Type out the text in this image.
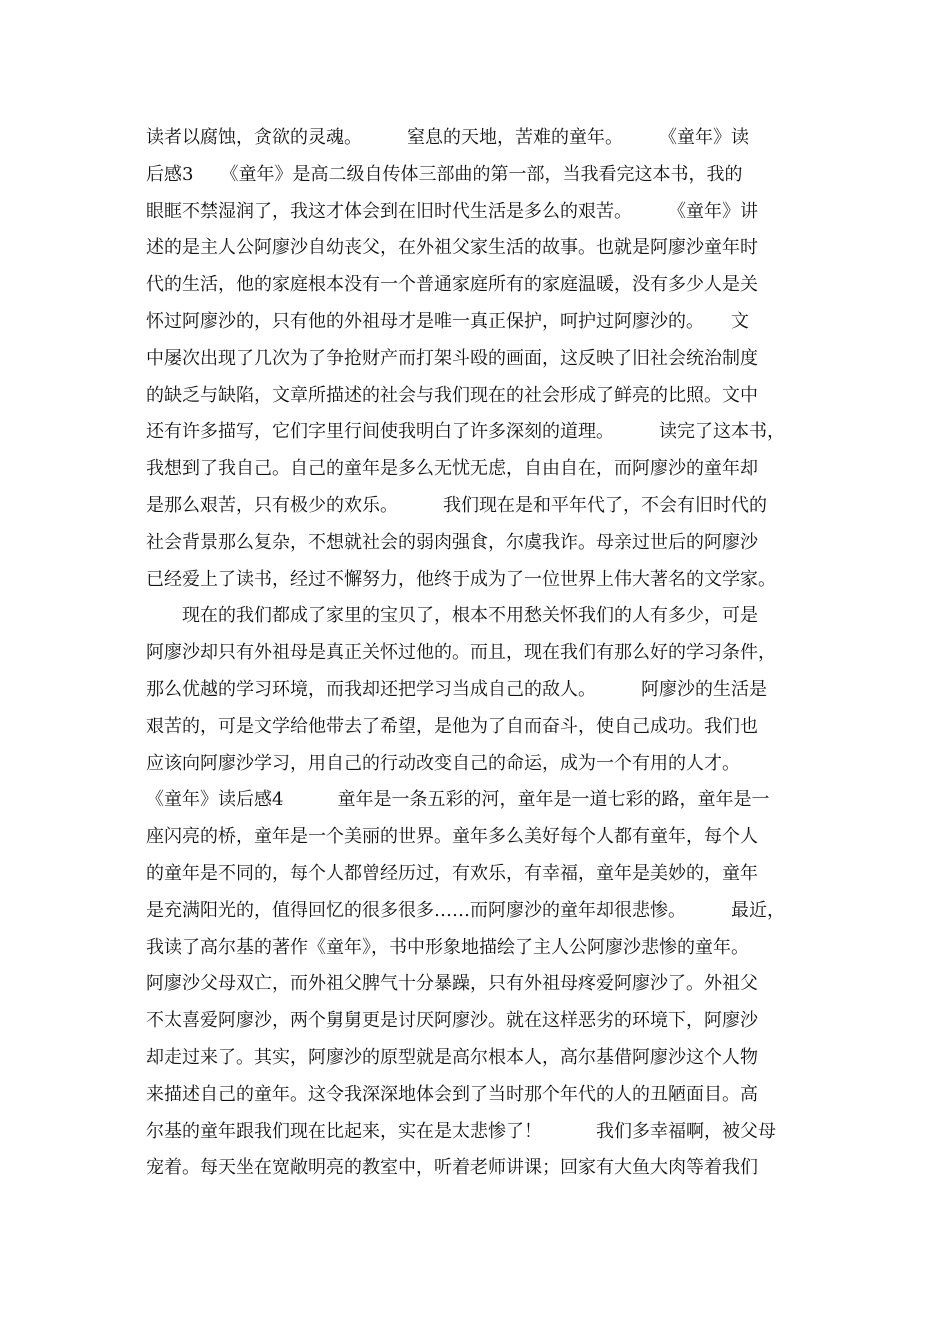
读者以腐蚀，贪欲的灵魂。　　　窒息的天地，苦难的童年。　　　《童年》读
后感3　　《童年》是高二级自传体三部曲的第一部，当我看完这本书，我的
眼眶不禁湿润了，我这才体会到在旧时代生活是多么的艰苦。　　　《童年》讲
述的是主人公阿廖沙自幼丧父，在外祖父家生活的故事。也就是阿廖沙童年时
代的生活，他的家庭根本没有一个普通家庭所有的家庭温暖，没有多少人是关
怀过阿廖沙的，只有他的外祖母才是唯一真正保护，呵护过阿廖沙的。　　文
中屡次出现了几次为了争抢财产而打架斗殴的画面，这反映了旧社会统治制度
的缺乏与缺陷，文章所描述的社会与我们现在的社会形成了鲜亮的比照。文中
还有许多描写，它们字里行间使我明白了许多深刻的道理。　　　读完了这本书，
我想到了我自己。自己的童年是多么无忧无虑，自由自在，而阿廖沙的童年却
是那么艰苦，只有极少的欢乐。　　　我们现在是和平年代了，不会有旧时代的
社会背景那么复杂，不想就社会的弱肉强食，尔虞我诈。母亲过世后的阿廖沙
已经爱上了读书，经过不懈努力，他终于成为了一位世界上伟大著名的文学家。
　　现在的我们都成了家里的宝贝了，根本不用愁关怀我们的人有多少，可是
阿廖沙却只有外祖母是真正关怀过他的。而且，现在我们有那么好的学习条件，
那么优越的学习环境，而我却还把学习当成自己的敌人。　　　阿廖沙的生活是
艰苦的，可是文学给他带去了希望，是他为了自而奋斗，使自己成功。我们也
应该向阿廖沙学习，用自己的行动改变自己的命运，成为一个有用的人才。
《童年》读后感4　　　童年是一条五彩的河，童年是一道七彩的路，童年是一
座闪亮的桥，童年是一个美丽的世界。童年多么美好每个人都有童年，每个人
的童年是不同的，每个人都曾经历过，有欢乐，有幸福，童年是美妙的，童年
是充满阳光的，值得回忆的很多很多……而阿廖沙的童年却很悲惨。　　　最近，
我读了高尔基的著作《童年》，书中形象地描绘了主人公阿廖沙悲惨的童年。
阿廖沙父母双亡，而外祖父脾气十分暴躁，只有外祖母疼爱阿廖沙了。外祖父
不太喜爱阿廖沙，两个舅舅更是讨厌阿廖沙。就在这样恶劣的环境下，阿廖沙
却走过来了。其实，阿廖沙的原型就是高尔根本人，高尔基借阿廖沙这个人物
来描述自己的童年。这令我深深地体会到了当时那个年代的人的丑陋面目。高
尔基的童年跟我们现在比起来，实在是太悲惨了！　　　我们多幸福啊，被父母
宠着。每天坐在宽敞明亮的教室中，听着老师讲课；回家有大鱼大肉等着我们
